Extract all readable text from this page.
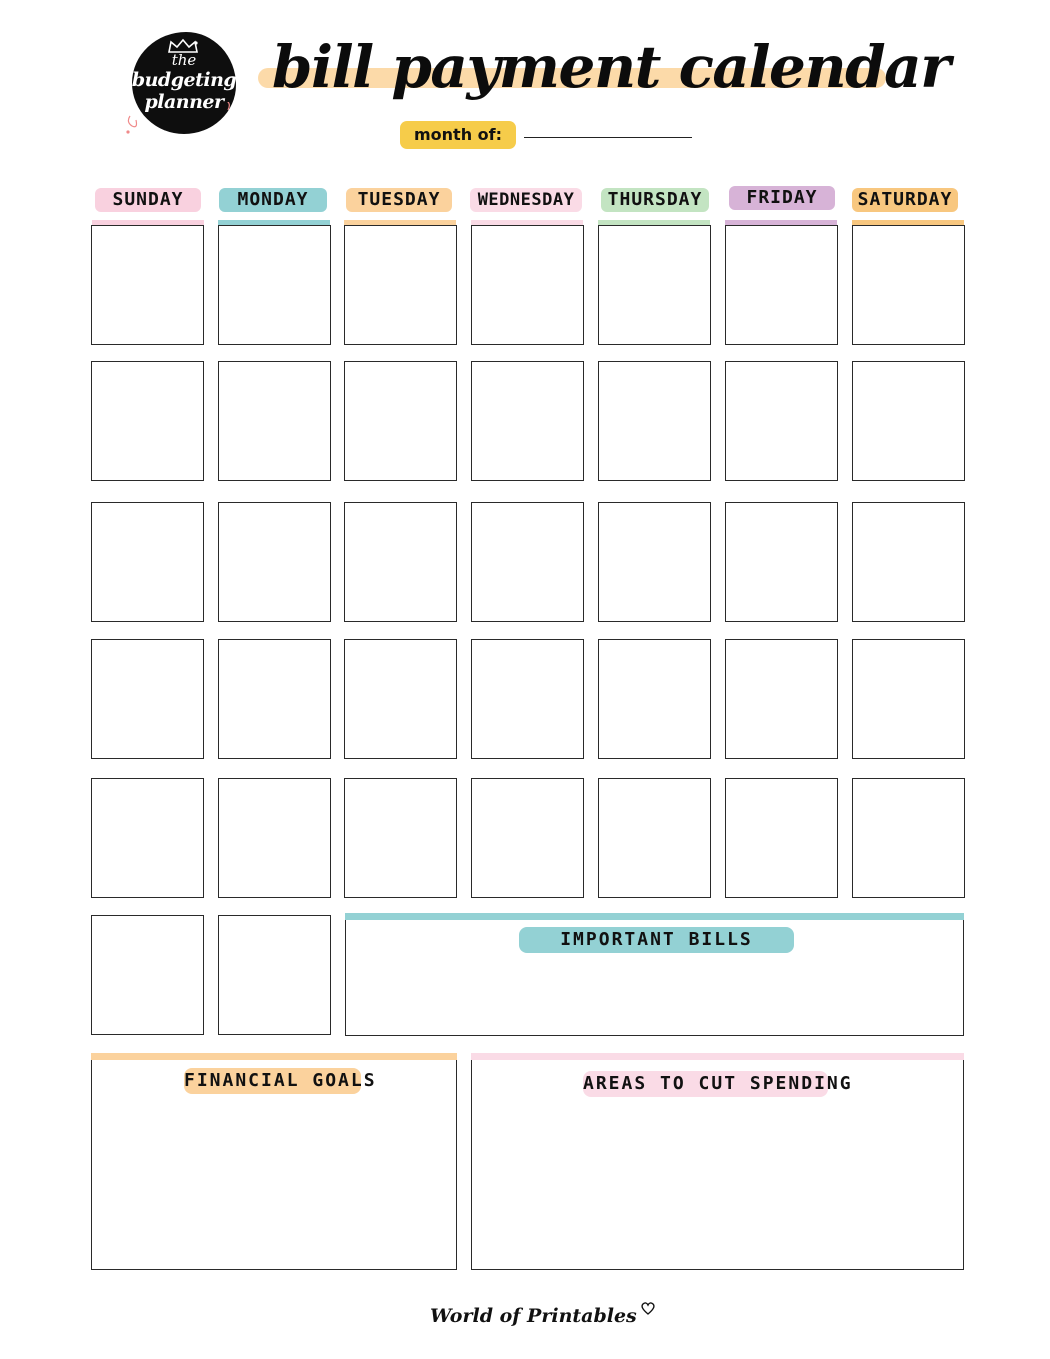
the
budgeting
planner
bill payment calendar
month of:
SUNDAY	MONDAY	TUESDAY	WEDNESDAY	THURSDAY	FRIDAY	SATURDAY
IMPORTANT BILLS
FINANCIAL GOALS	AREAS TO CUT SPENDING
World of Printables
